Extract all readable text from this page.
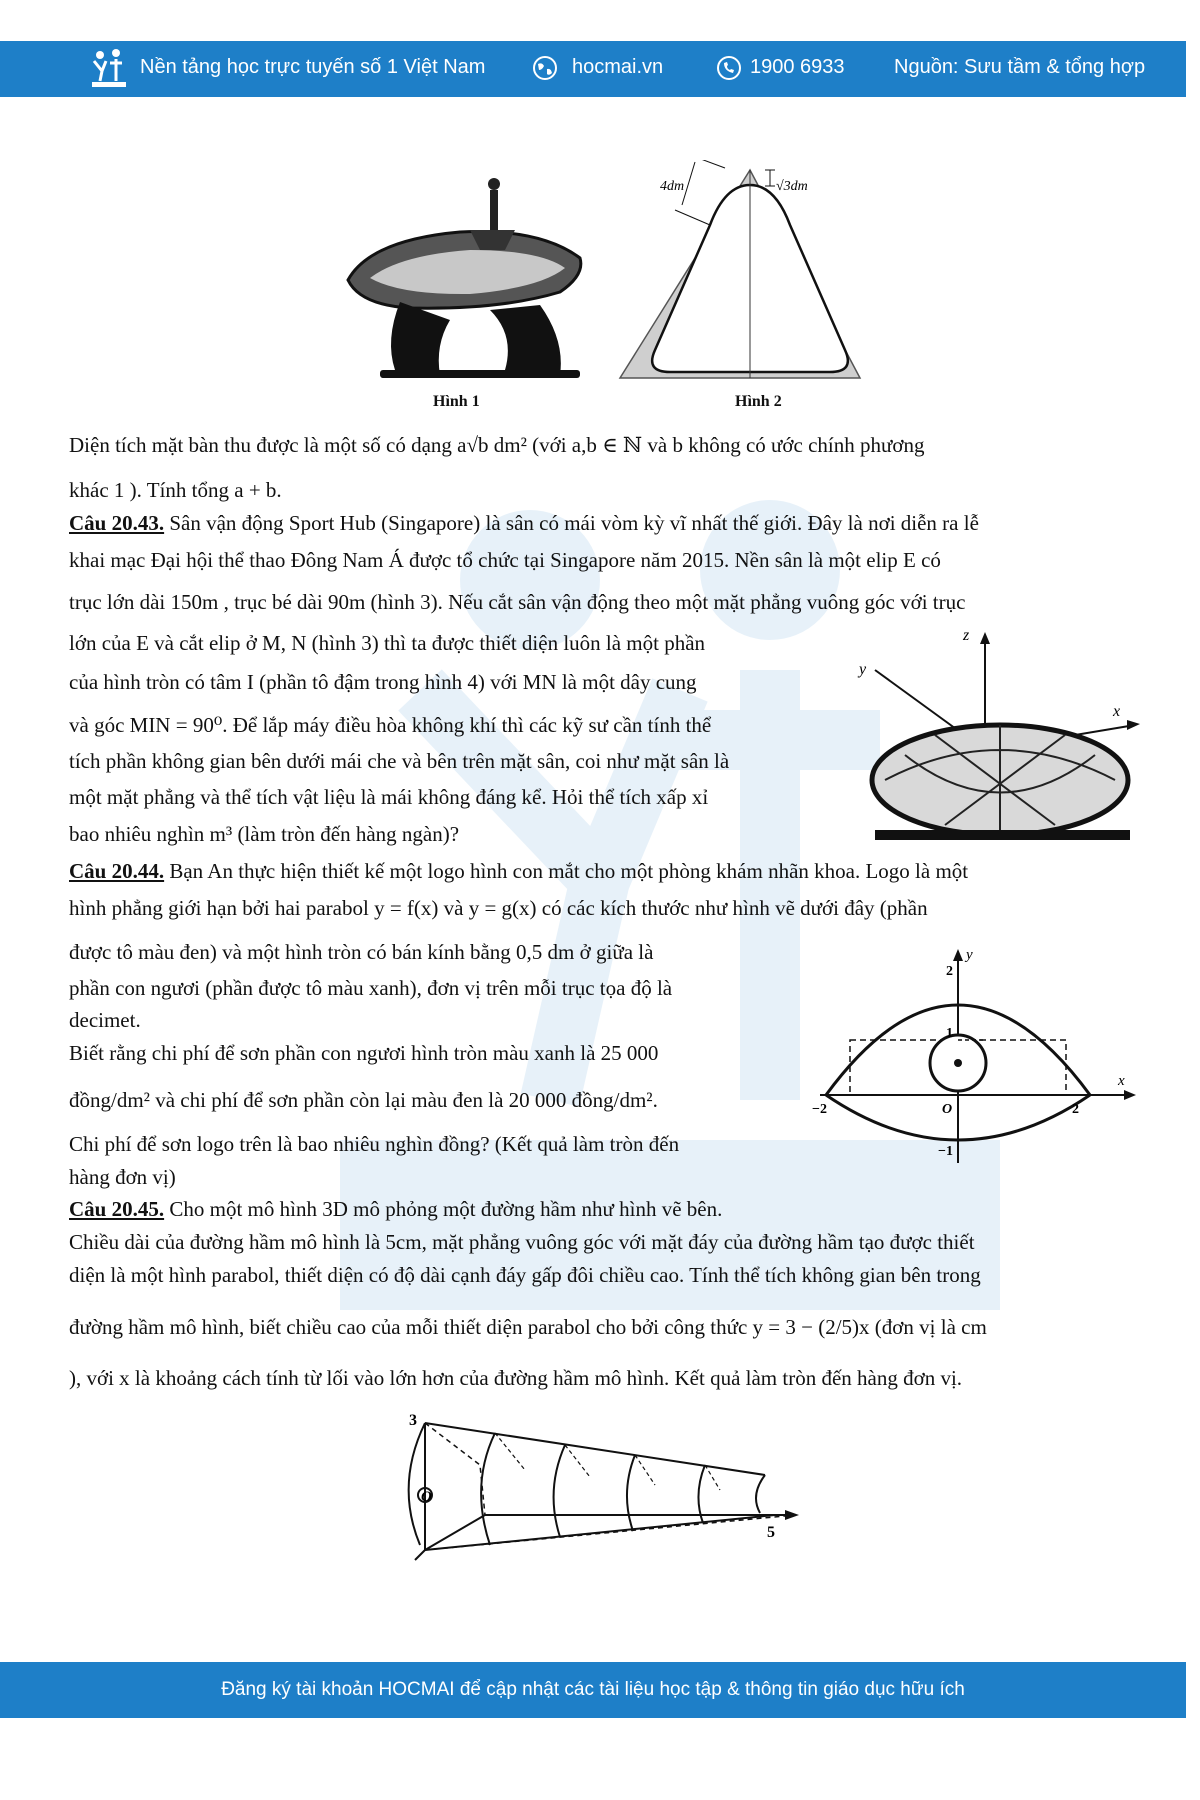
Nền tảng học trực tuyến số 1 Việt Nam	hocmai.vn	1900 6933 Nguồn: Sưu tầm & tổng hợp
Hình 1
4dm	√3dm
Hình 2
Diện tích mặt bàn thu được là một số có dạng a√b dm² (với a,b ∈ ℕ và b không có ước chính phương
khác 1 ). Tính tổng a + b.
Câu 20.43. Sân vận động Sport Hub (Singapore) là sân có mái vòm kỳ vĩ nhất thế giới. Đây là nơi diễn ra lễ
khai mạc Đại hội thể thao Đông Nam Á được tổ chức tại Singapore năm 2015. Nền sân là một elip E có
trục lớn dài 150m , trục bé dài 90m (hình 3). Nếu cắt sân vận động theo một mặt phẳng vuông góc với trục
lớn của E và cắt elip ở M, N (hình 3) thì ta được thiết diện luôn là một phần
của hình tròn có tâm I (phần tô đậm trong hình 4) với MN là một dây cung
và góc MIN = 90⁰. Để lắp máy điều hòa không khí thì các kỹ sư cần tính thể
tích phần không gian bên dưới mái che và bên trên mặt sân, coi như mặt sân là
một mặt phẳng và thể tích vật liệu là mái không đáng kể. Hỏi thể tích xấp xỉ
bao nhiêu nghìn m³ (làm tròn đến hàng ngàn)?
z
y
x
Câu 20.44. Bạn An thực hiện thiết kế một logo hình con mắt cho một phòng khám nhãn khoa. Logo là một
hình phẳng giới hạn bởi hai parabol y = f(x) và y = g(x) có các kích thước như hình vẽ dưới đây (phần
được tô màu đen) và một hình tròn có bán kính bằng 0,5 dm ở giữa là
phần con ngươi (phần được tô màu xanh), đơn vị trên mỗi trục tọa độ là
decimet.
Biết rằng chi phí để sơn phần con ngươi hình tròn màu xanh là 25 000
đồng/dm² và chi phí để sơn phần còn lại màu đen là 20 000 đồng/dm².
Chi phí để sơn logo trên là bao nhiêu nghìn đồng? (Kết quả làm tròn đến
hàng đơn vị)
2
1
−1
−2	2
O
x
y
Câu 20.45. Cho một mô hình 3D mô phỏng một đường hầm như hình vẽ bên.
Chiều dài của đường hầm mô hình là 5cm, mặt phẳng vuông góc với mặt đáy của đường hầm tạo được thiết
diện là một hình parabol, thiết diện có độ dài cạnh đáy gấp đôi chiều cao. Tính thể tích không gian bên trong
đường hầm mô hình, biết chiều cao của mỗi thiết diện parabol cho bởi công thức y = 3 − (2/5)x (đơn vị là cm
), với x là khoảng cách tính từ lối vào lớn hơn của đường hầm mô hình. Kết quả làm tròn đến hàng đơn vị.
3
O
5
Đăng ký tài khoản HOCMAI để cập nhật các tài liệu học tập & thông tin giáo dục hữu ích
